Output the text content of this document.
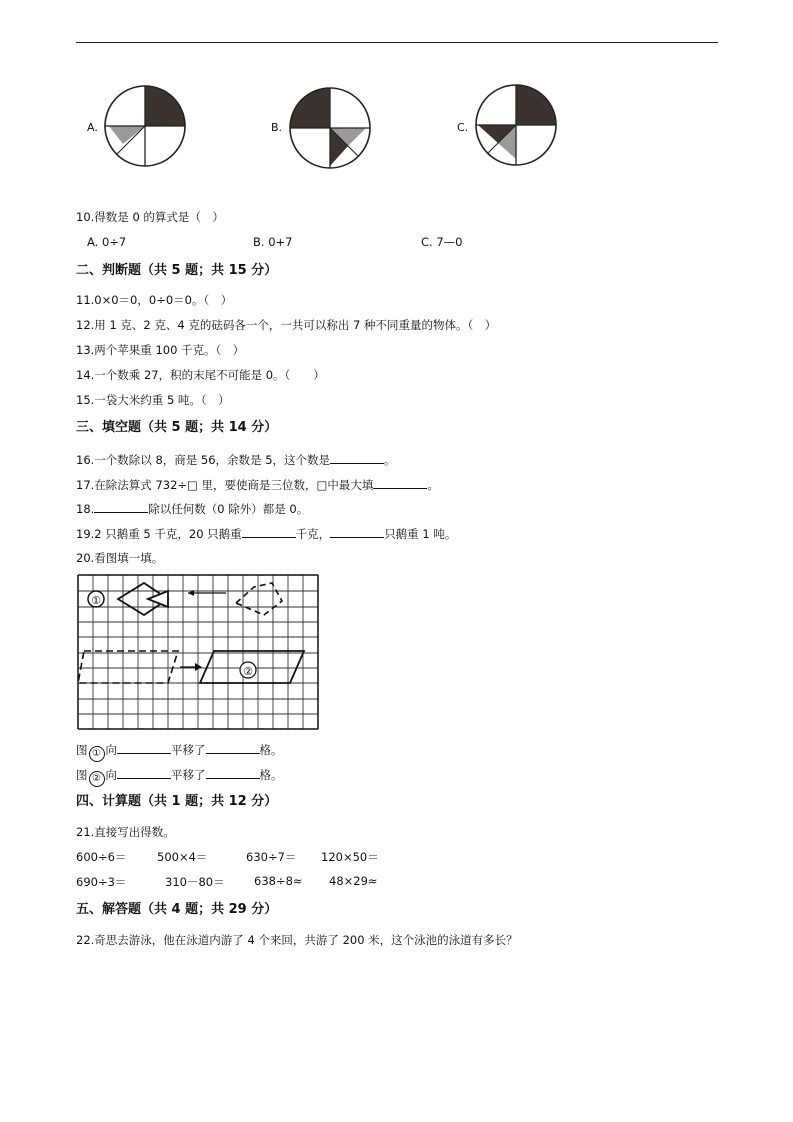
A.	B.	C.
10.得数是 0 的算式是（　）
A. 0÷7	B. 0+7	C. 7—0
二、判断题（共 5 题；共 15 分）
11.0×0＝0，0÷0＝0。（　）
12.用 1 克、2 克、4 克的砝码各一个，一共可以称出 7 种不同重量的物体。（　）
13.两个苹果重 100 千克。（　）
14.一个数乘 27，积的末尾不可能是 0。（　　）
15.一袋大米约重 5 吨。（　）
三、填空题（共 5 题；共 14 分）
16.一个数除以 8，商是 56，余数是 5，这个数是	。
17.在除法算式 732÷□ 里，要使商是三位数，□中最大填	。
18.	除以任何数（0 除外）都是 0。
19.2 只鹅重 5 千克，20 只鹅重	千克，	只鹅重 1 吨。
20.看图填一填。
①
②
图 ① 向	平移了	格。
图 ② 向	平移了	格。
四、计算题（共 1 题；共 12 分）
21.直接写出得数。
600÷6＝	500×4＝	630÷7＝ 120×50＝
690÷3＝	310－80＝	638÷8≈ 48×29≈
五、解答题（共 4 题；共 29 分）
22.奇思去游泳，他在泳道内游了 4 个来回，共游了 200 米，这个泳池的泳道有多长？
